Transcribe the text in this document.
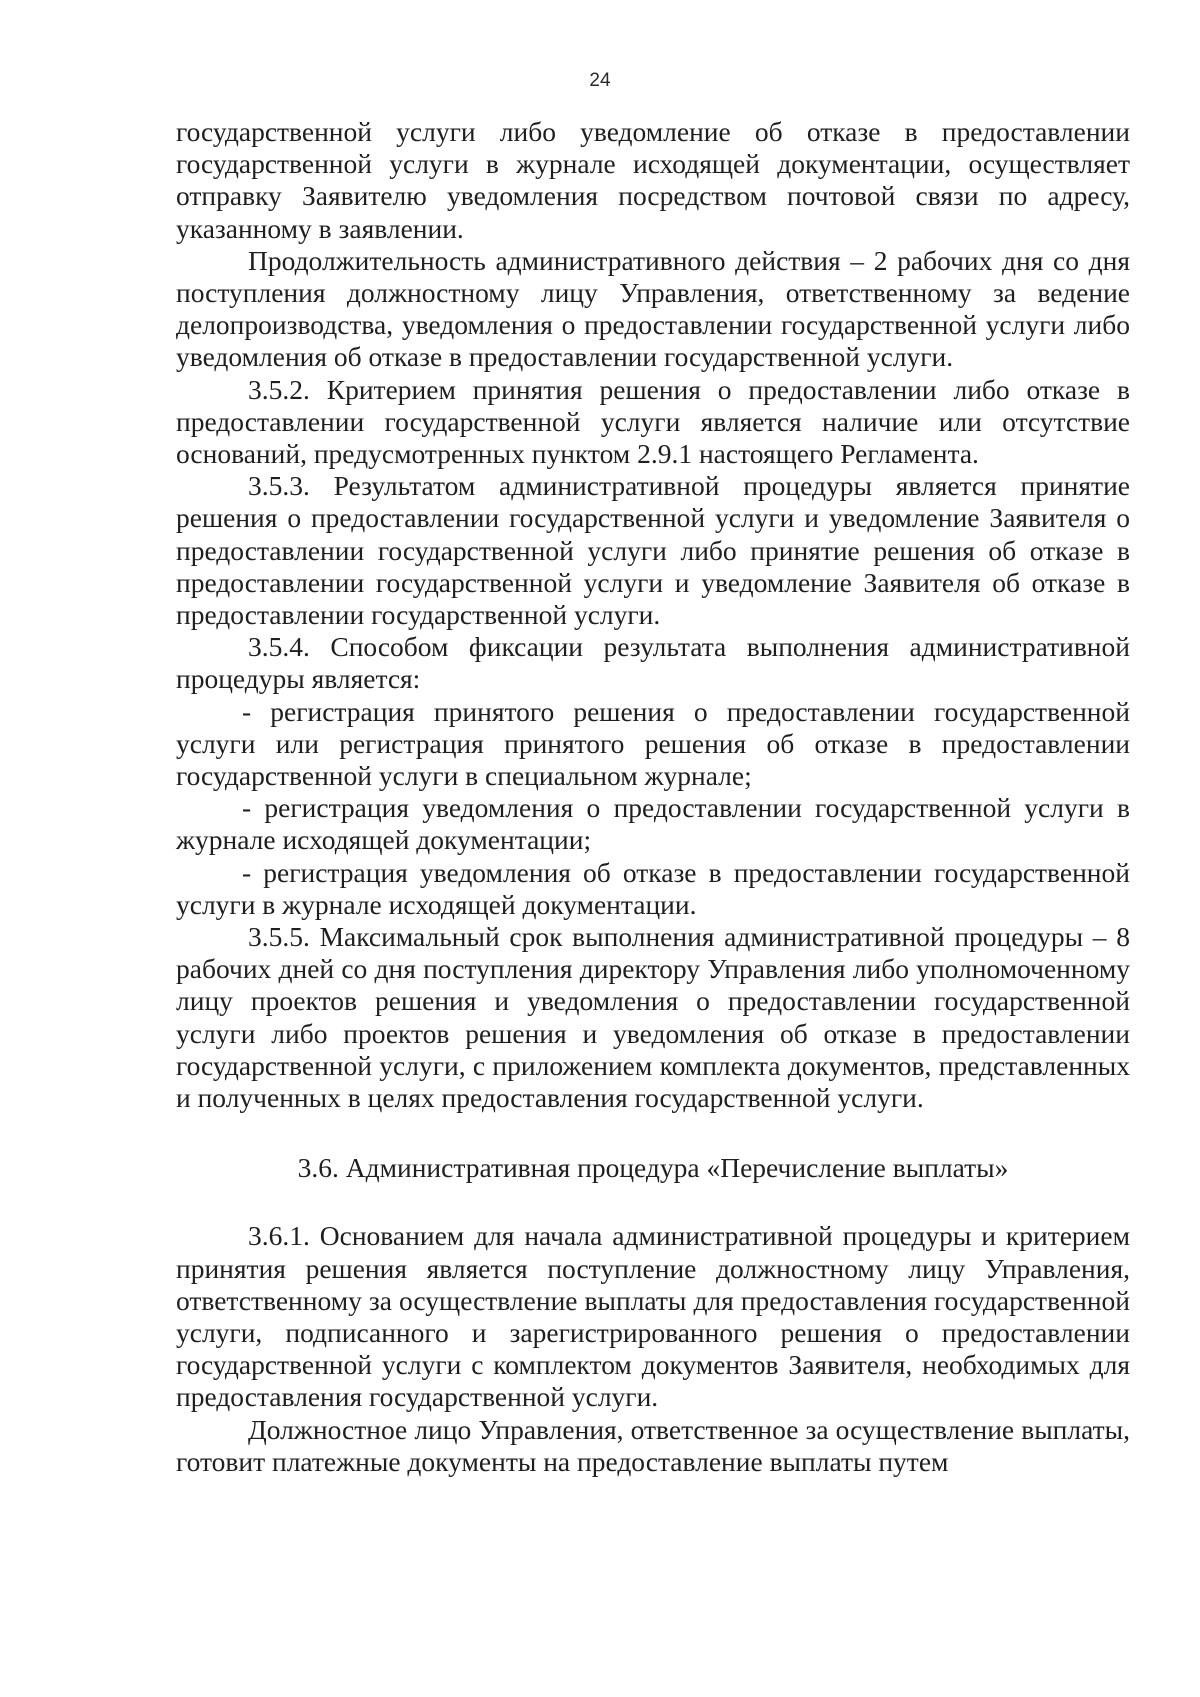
24

государственной услуги либо уведомление об отказе в предоставлении государственной услуги в журнале исходящей документации, осуществляет отправку Заявителю уведомления посредством почтовой связи по адресу, указанному в заявлении.

Продолжительность административного действия – 2 рабочих дня со дня поступления должностному лицу Управления, ответственному за ведение делопроизводства, уведомления о предоставлении государственной услуги либо уведомления об отказе в предоставлении государственной услуги.

3.5.2. Критерием принятия решения о предоставлении либо отказе в предоставлении государственной услуги является наличие или отсутствие оснований, предусмотренных пунктом 2.9.1 настоящего Регламента.

3.5.3. Результатом административной процедуры является принятие решения о предоставлении государственной услуги и уведомление Заявителя о предоставлении государственной услуги либо принятие решения об отказе в предоставлении государственной услуги и уведомление Заявителя об отказе в предоставлении государственной услуги.

3.5.4. Способом фиксации результата выполнения административной процедуры является:

- регистрация принятого решения о предоставлении государственной услуги или регистрация принятого решения об отказе в предоставлении государственной услуги в специальном журнале;

- регистрация уведомления о предоставлении государственной услуги в журнале исходящей документации;

- регистрация уведомления об отказе в предоставлении государственной услуги в журнале исходящей документации.

3.5.5. Максимальный срок выполнения административной процедуры – 8 рабочих дней со дня поступления директору Управления либо уполномоченному лицу проектов решения и уведомления о предоставлении государственной услуги либо проектов решения и уведомления об отказе в предоставлении государственной услуги, с приложением комплекта документов, представленных и полученных в целях предоставления государственной услуги.

3.6. Административная процедура «Перечисление выплаты»

3.6.1. Основанием для начала административной процедуры и критерием принятия решения является поступление должностному лицу Управления, ответственному за осуществление выплаты для предоставления государственной услуги, подписанного и зарегистрированного решения о предоставлении государственной услуги с комплектом документов Заявителя, необходимых для предоставления государственной услуги.

Должностное лицо Управления, ответственное за осуществление выплаты, готовит платежные документы на предоставление выплаты путем
